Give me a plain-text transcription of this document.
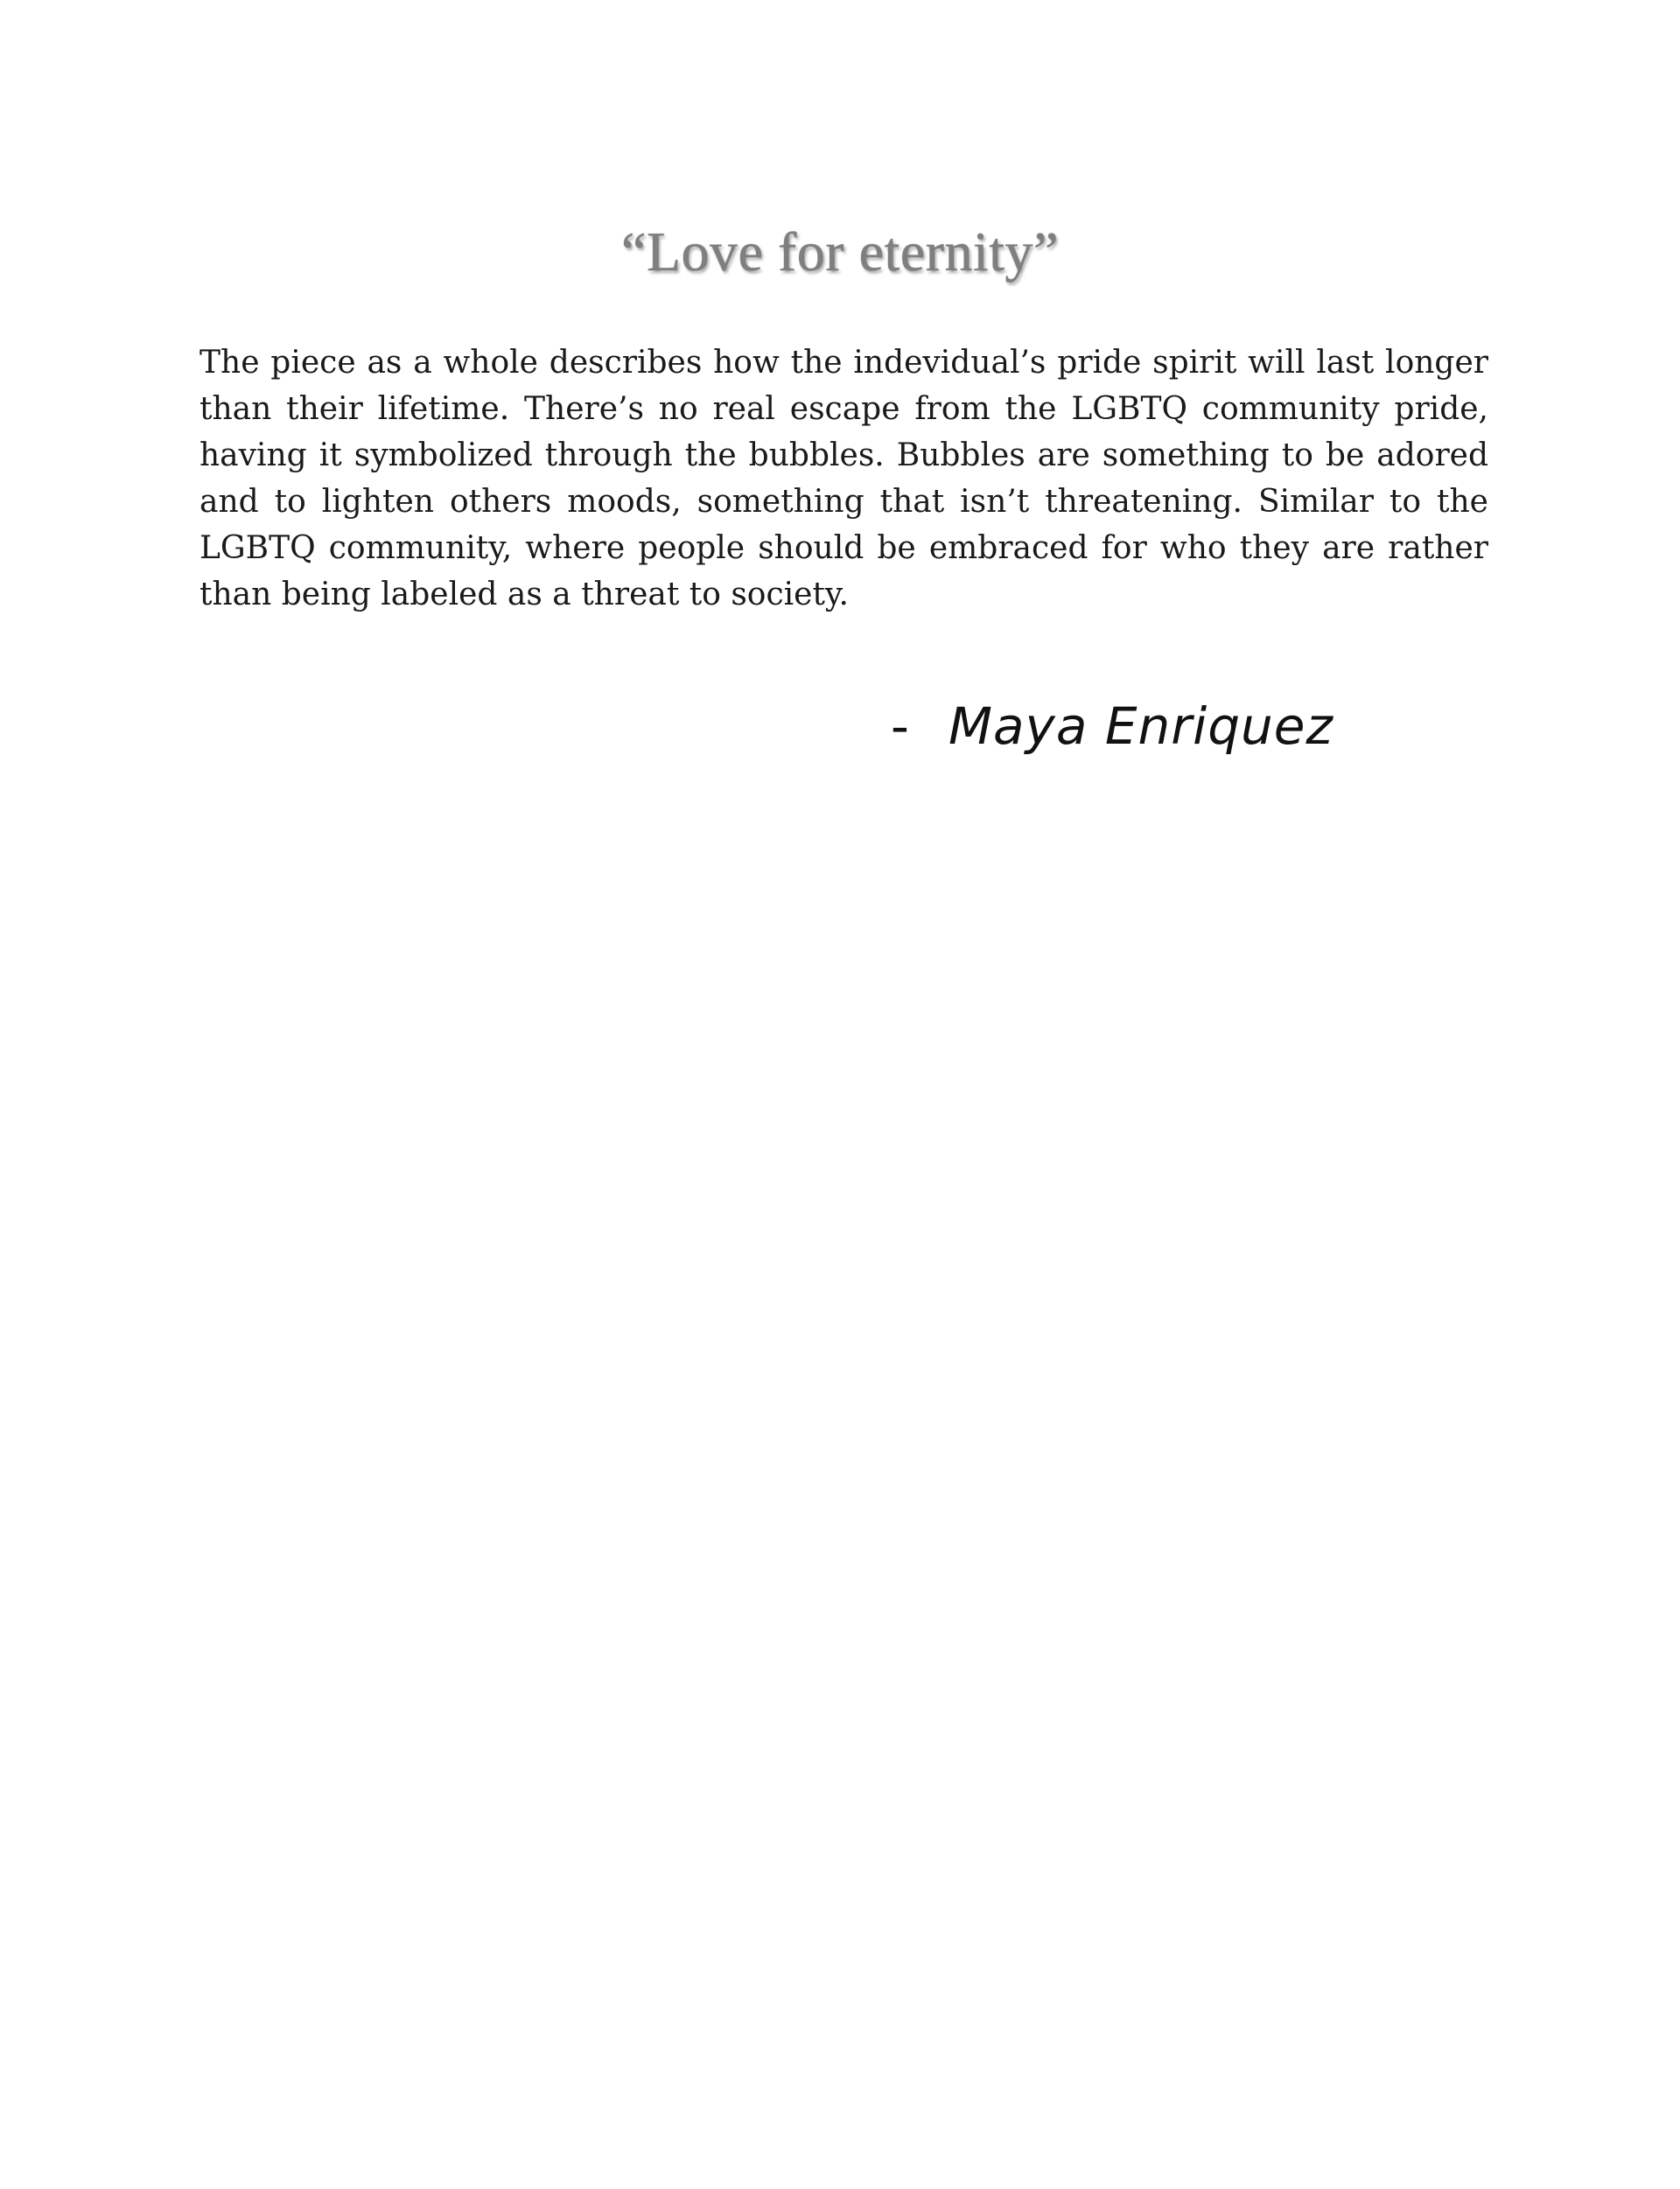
“Love for eternity”

The piece as a whole describes how the indevidual’s pride spirit will last longer than their lifetime. There’s no real escape from the LGBTQ community pride, having it symbolized through the bubbles. Bubbles are something to be adored and to lighten others moods, something that isn’t threatening. Similar to the LGBTQ community, where people should be embraced for who they are rather than being labeled as a threat to society.

- Maya Enriquez
